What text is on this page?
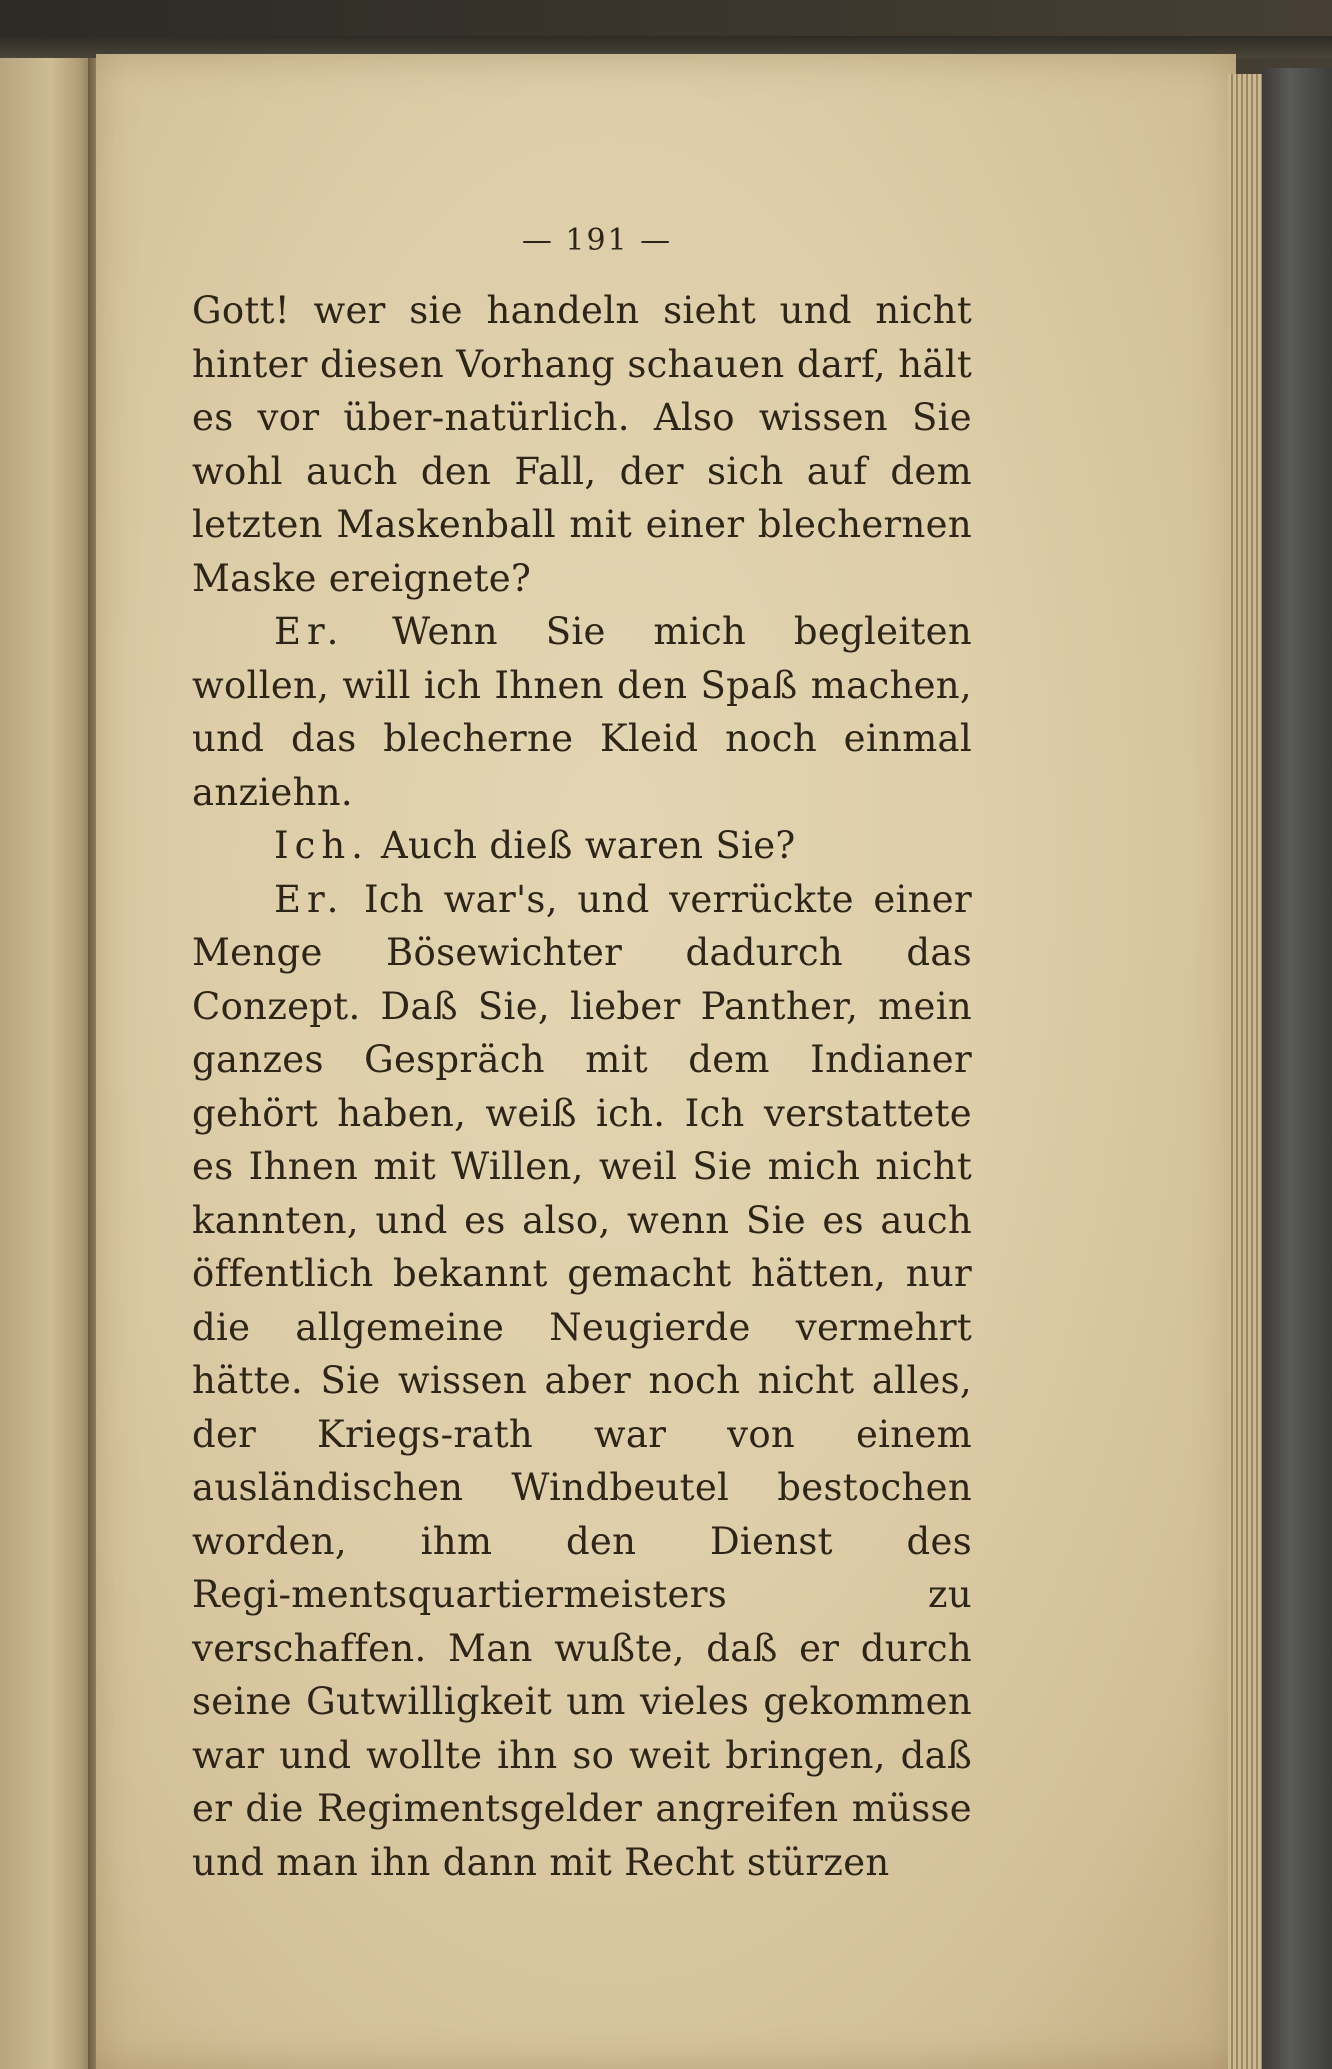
— 191 —

Gott! wer sie handeln sieht und nicht hinter diesen Vorhang schauen darf, hält es vor über‑natürlich. Also wissen Sie wohl auch den Fall, der sich auf dem letzten Maskenball mit einer blechernen Maske ereignete?

Er. Wenn Sie mich begleiten wollen, will ich Ihnen den Spaß machen, und das blecherne Kleid noch einmal anziehn.

Ich. Auch dieß waren Sie?

Er. Ich war's, und verrückte einer Menge Bösewichter dadurch das Conzept. Daß Sie, lieber Panther, mein ganzes Gespräch mit dem Indianer gehört haben, weiß ich. Ich verstattete es Ihnen mit Willen, weil Sie mich nicht kannten, und es also, wenn Sie es auch öffentlich bekannt gemacht hätten, nur die allgemeine Neugierde vermehrt hätte. Sie wissen aber noch nicht alles, der Kriegs‑rath war von einem ausländischen Windbeutel bestochen worden, ihm den Dienst des Regi‑mentsquartiermeisters zu verschaffen. Man wußte, daß er durch seine Gutwilligkeit um vieles gekommen war und wollte ihn so weit bringen, daß er die Regimentsgelder angreifen müsse und man ihn dann mit Recht stürzen
